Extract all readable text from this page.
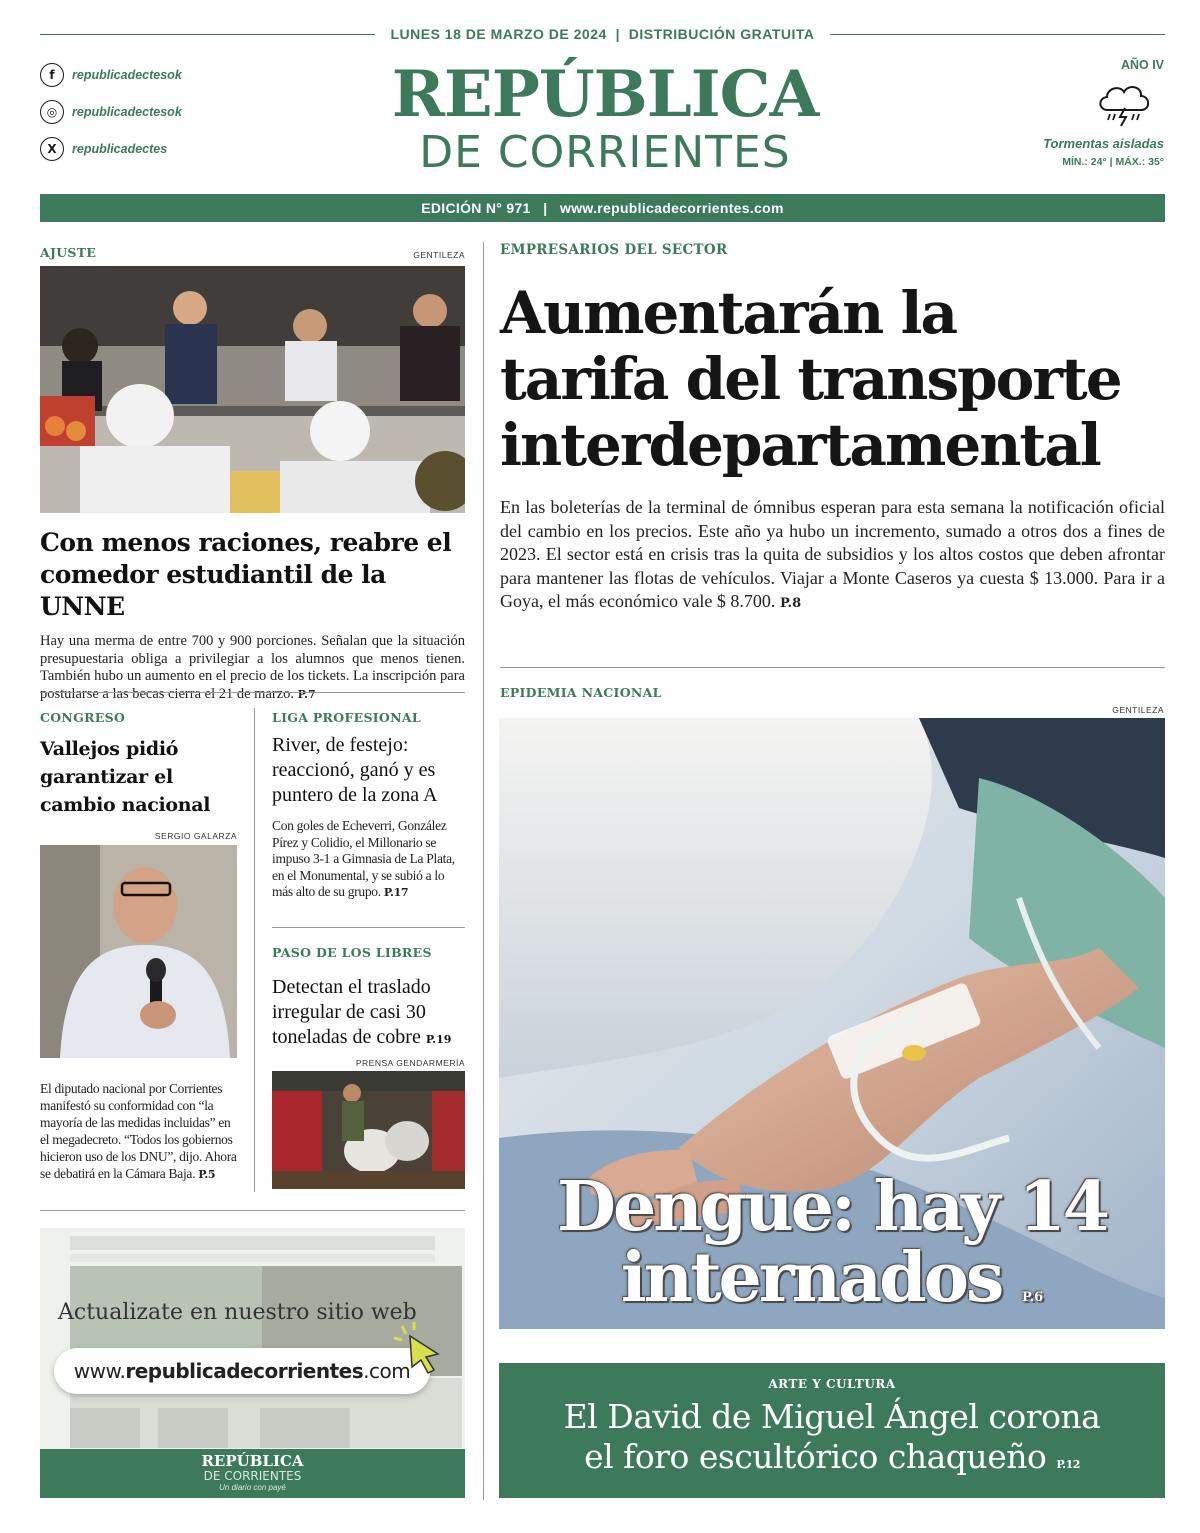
LUNES 18 DE MARZO DE 2024  |  DISTRIBUCIÓN GRATUITA
f	republicadectesok
◎	republicadectesok
X	republicadectes
REPÚBLICA
DE CORRIENTES
AÑO IV
Tormentas aisladas
MÍN.: 24° | MÁX.: 35°
EDICIÓN N° 971   |   www.republicadecorrientes.com
AJUSTE	GENTILEZA
Con menos raciones, reabre el comedor estudiantil de la UNNE
Hay una merma de entre 700 y 900 porciones. Señalan que la situación presupuestaria obliga a privilegiar a los alumnos que menos tienen. También hubo un aumento en el precio de los tickets. La inscripción para postularse a las becas cierra el 21 de marzo. P.7
CONGRESO
Vallejos pidió garantizar el cambio nacional
SERGIO GALARZA
El diputado nacional por Corrientes manifestó su conformidad con “la mayoría de las medidas incluidas” en el megadecreto. “Todos los gobiernos hicieron uso de los DNU”, dijo. Ahora se debatirá en la Cámara Baja. P.5
LIGA PROFESIONAL
River, de festejo: reaccionó, ganó y es puntero de la zona A
Con goles de Echeverri, González Pírez y Colidio, el Millonario se impuso 3-1 a Gimnasia de La Plata, en el Monumental, y se subió a lo más alto de su grupo. P.17
PASO DE LOS LIBRES
Detectan el traslado irregular de casi 30 toneladas de cobre P.19
PRENSA GENDARMERÍA
Actualizate en nuestro sitio web
www.republicadecorrientes.com
REPÚBLICA
DE CORRIENTES
Un diario con payé
EMPRESARIOS DEL SECTOR
Aumentarán la
tarifa del transporte
interdepartamental
En las boleterías de la terminal de ómnibus esperan para esta semana la notificación oficial del cambio en los precios. Este año ya hubo un incremento, sumado a otros dos a fines de 2023. El sector está en crisis tras la quita de subsidios y los altos costos que deben afrontar para mantener las flotas de vehículos. Viajar a Monte Caseros ya cuesta $ 13.000. Para ir a Goya, el más económico vale $ 8.700. P.8
EPIDEMIA NACIONAL
GENTILEZA
Dengue: hay 14
internados P.6
ARTE Y CULTURA
El David de Miguel Ángel corona
el foro escultórico chaqueño P.12
